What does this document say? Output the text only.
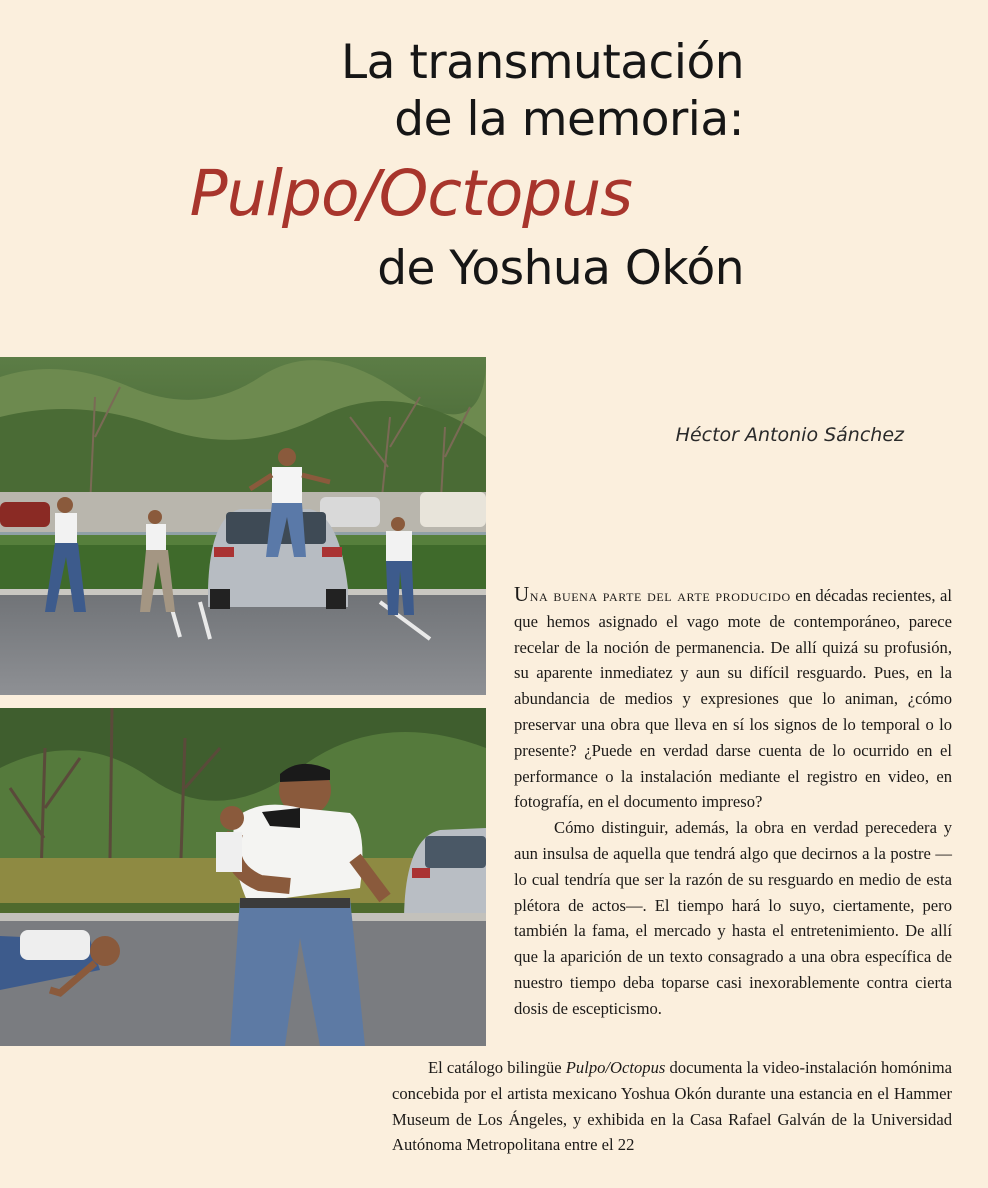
La transmutación
de la memoria:
Pulpo/Octopus
de Yoshua Okón
Héctor Antonio Sánchez

Una buena parte del arte producido en décadas recientes, al que hemos asignado el vago mote de contemporáneo, parece recelar de la noción de permanencia. De allí quizá su profusión, su aparente inmediatez y aun su difícil resguardo. Pues, en la abundancia de medios y expresiones que lo animan, ¿cómo preservar una obra que lleva en sí los signos de lo temporal o lo presente? ¿Puede en verdad darse cuenta de lo ocurrido en el performance o la instalación mediante el registro en video, en fotografía, en el documento impreso?

Cómo distinguir, además, la obra en verdad perecedera y aun insulsa de aquella que tendrá algo que decirnos a la postre —lo cual tendría que ser la razón de su resguardo en medio de esta plétora de actos—. El tiempo hará lo suyo, ciertamente, pero también la fama, el mercado y hasta el entretenimiento. De allí que la aparición de un texto consagrado a una obra específica de nuestro tiempo deba toparse casi inexorablemente contra cierta dosis de escepticismo.

El catálogo bilingüe Pulpo/Octopus documenta la video-instalación homónima concebida por el artista mexicano Yoshua Okón durante una estancia en el Hammer Museum de Los Ángeles, y exhibida en la Casa Rafael Galván de la Universidad Autónoma Metropolitana entre el 22
